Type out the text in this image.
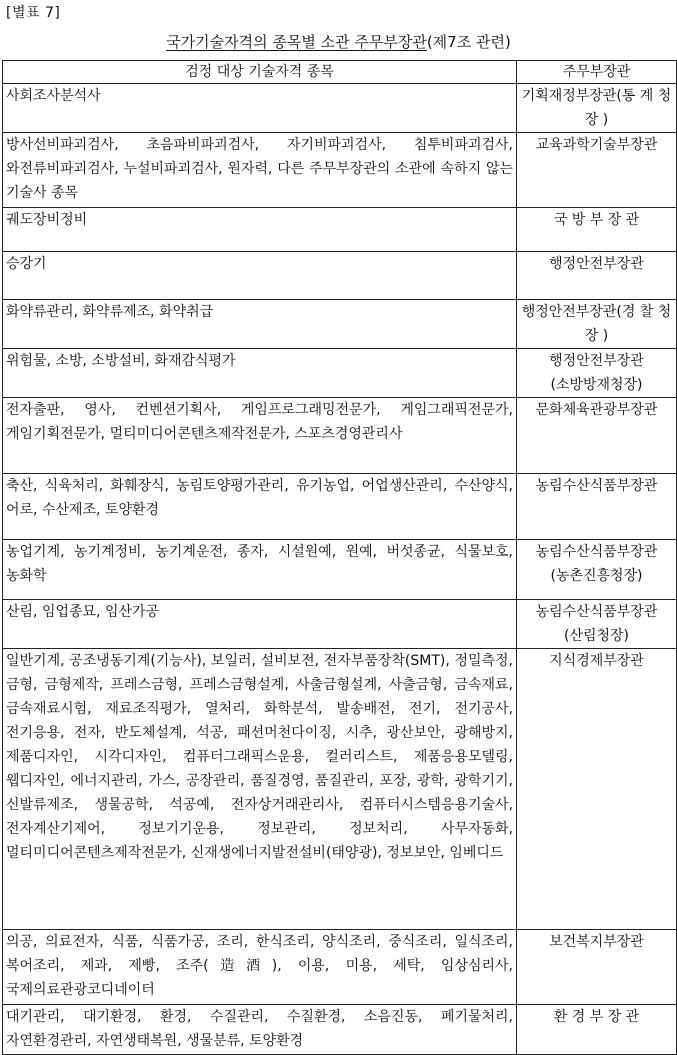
[별표 7]
국가기술자격의 종목별 소관 주무부장관(제7조 관련)
검정 대상 기술자격 종목	주무부장관
사회조사분석사	기획재정부장관(통 계 청 장 )
방사선비파괴검사, 초음파비파괴검사, 자기비파괴검사, 침투비파괴검사, 와전류비파괴검사, 누설비파괴검사, 원자력, 다른 주무부장관의 소관에 속하지 않는 기술사 종목	교육과학기술부장관
궤도장비정비	국 방 부 장 관
승강기	행정안전부장관
화약류관리, 화약류제조, 화약취급	행정안전부장관(경 찰 청 장 )
위험물, 소방, 소방설비, 화재감식평가	행정안전부장관(소방방재청장)
전자출판, 영사, 컨벤션기획사, 게임프로그래밍전문가, 게임그래픽전문가, 게임기획전문가, 멀티미디어콘텐츠제작전문가, 스포츠경영관리사	문화체육관광부장관
축산, 식육처리, 화훼장식, 농림토양평가관리, 유기농업, 어업생산관리, 수산양식, 어로, 수산제조, 토양환경	농림수산식품부장관
농업기계, 농기계정비, 농기계운전, 종자, 시설원예, 원예, 버섯종균, 식물보호, 농화학	농림수산식품부장관(농촌진흥청장)
산림, 임업종묘, 임산가공	농림수산식품부장관(산림청장)
일반기계, 공조냉동기계(기능사), 보일러, 설비보전, 전자부품장착(SMT), 정밀측정, 금형, 금형제작, 프레스금형, 프레스금형설계, 사출금형설계, 사출금형, 금속재료, 금속재료시험, 재료조직평가, 열처리, 화학분석, 발송배전, 전기, 전기공사, 전기응용, 전자, 반도체설계, 석공, 패션머천다이징, 시추, 광산보안, 광해방지, 제품디자인, 시각디자인, 컴퓨터그래픽스운용, 컬러리스트, 제품응용모델링, 웹디자인, 에너지관리, 가스, 공장관리, 품질경영, 품질관리, 포장, 광학, 광학기기, 신발류제조, 생물공학, 석공예, 전자상거래관리사, 컴퓨터시스템응용기술사, 전자계산기제어, 정보기기운용, 정보관리, 정보처리, 사무자동화, 멀티미디어콘텐츠제작전문가, 신재생에너지발전설비(태양광), 정보보안, 임베디드	지식경제부장관
의공, 의료전자, 식품, 식품가공, 조리, 한식조리, 양식조리, 중식조리, 일식조리, 복어조리, 제과, 제빵, 조주(造酒), 이용, 미용, 세탁, 임상심리사, 국제의료관광코디네이터	보건복지부장관
대기관리, 대기환경, 환경, 수질관리, 수질환경, 소음진동, 폐기물처리, 자연환경관리, 자연생태복원, 생물분류, 토양환경	환 경 부 장 관
